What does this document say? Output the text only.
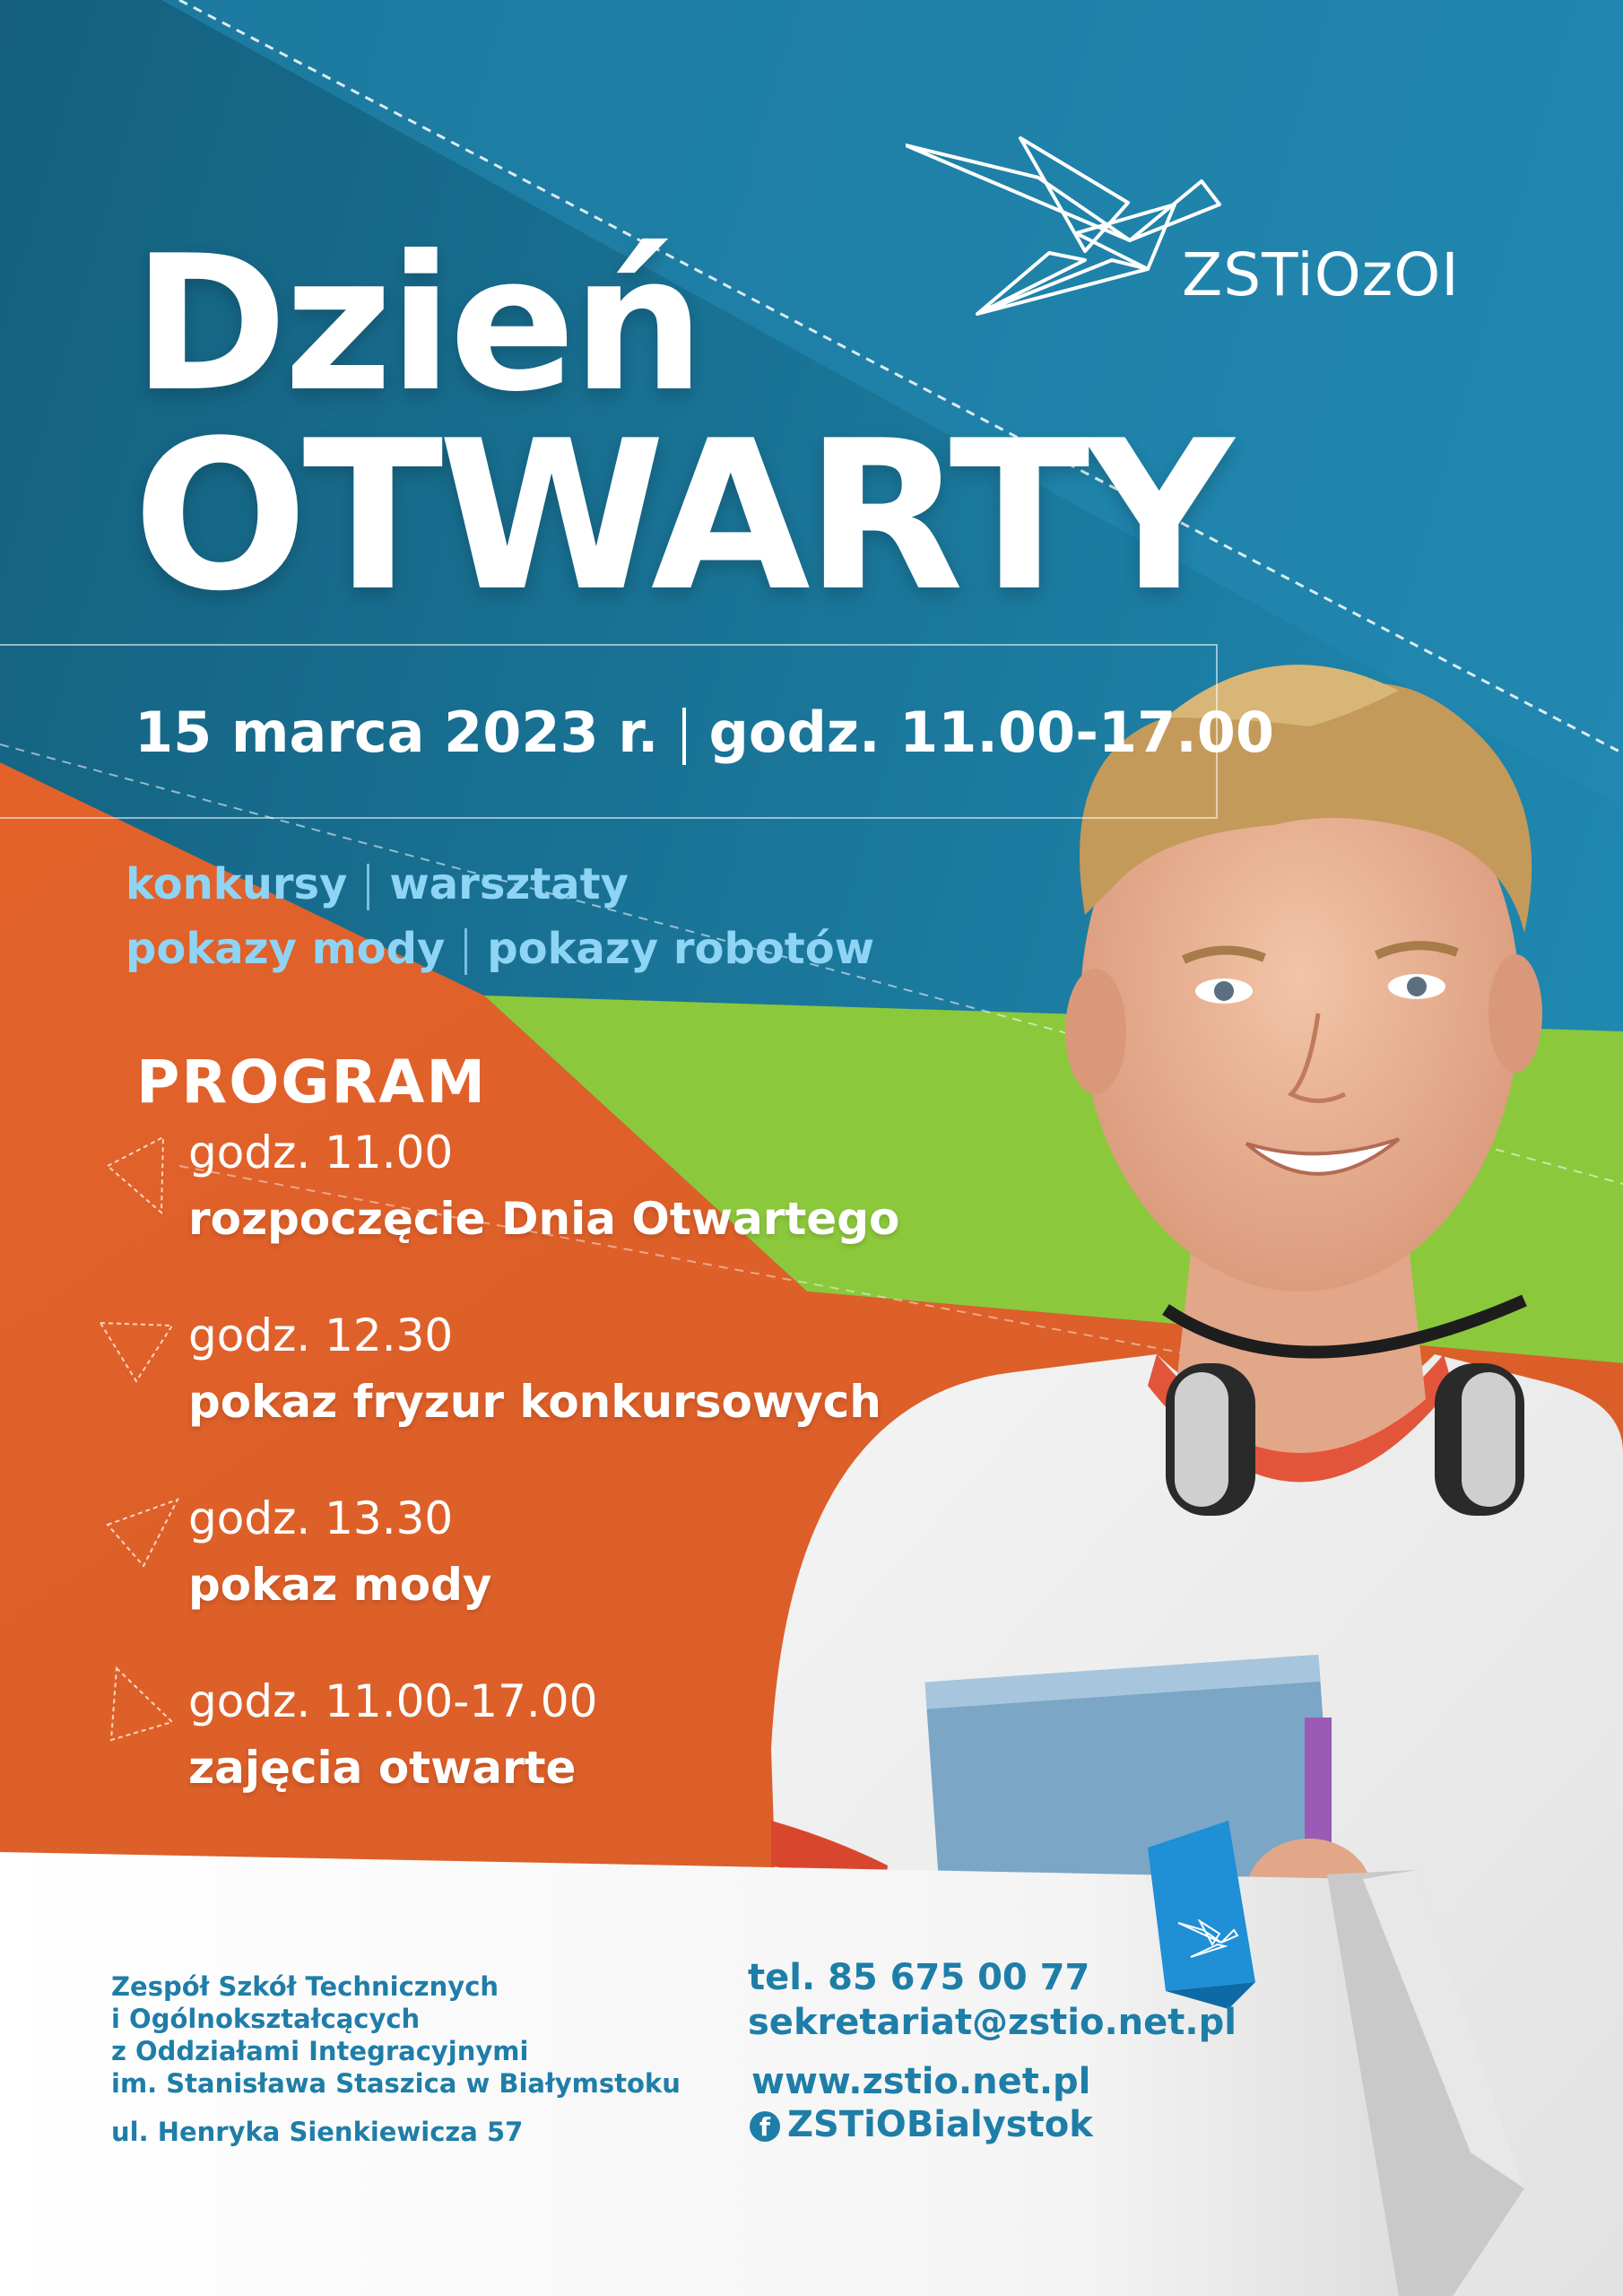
ZSTiOzOI
Dzień
OTWARTY
15 marca 2023 r. godz. 11.00-17.00
konkursy warsztaty
pokazy mody pokazy robotów
PROGRAM
godz. 11.00
rozpoczęcie Dnia Otwartego
godz. 12.30
pokaz fryzur konkursowych
godz. 13.30
pokaz mody
godz. 11.00-17.00
zajęcia otwarte
Zespół Szkół Technicznych
i Ogólnokształcących
z Oddziałami Integracyjnymi
im. Stanisława Staszica w Białymstoku
ul. Henryka Sienkiewicza 57
tel. 85 675 00 77
sekretariat@zstio.net.pl
www.zstio.net.pl
f ZSTiOBialystok
